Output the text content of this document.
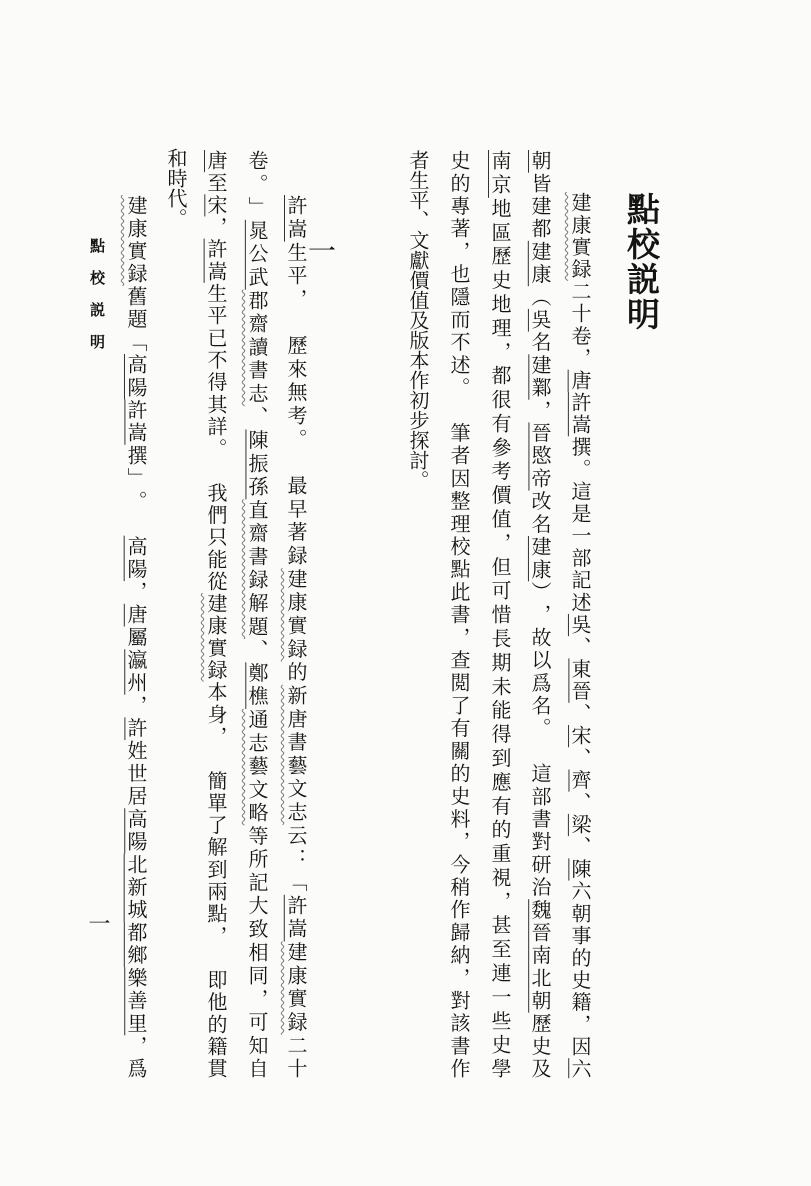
點校説明
建康實録二十卷，唐許嵩撰。這是一部記述吳、東晉、宋、齊、梁、陳六朝事的史籍，因六
朝皆建都建康（吳名建鄴，晉愍帝改名建康），故以爲名。　這部書對研治魏晉南北朝歷史及
南京地區歷史地理，都很有參考價值，但可惜長期未能得到應有的重視，甚至連一些史學
史的專著，也隱而不述。　筆者因整理校點此書，查閲了有關的史料，今稍作歸納，對該書作
者生平、文獻價值及版本作初步探討。
一
許嵩生平，　歷來無考。　最早著録建康實録的新唐書藝文志云：「許嵩建康實録二十
卷。」晁公武郡齋讀書志、陳振孫直齋書録解題、鄭樵通志藝文略等所記大致相同，可知自
唐至宋，許嵩生平已不得其詳。　我們只能從建康實録本身，　簡單了解到兩點，　即他的籍貫
和時代。
建康實録舊題「高陽許嵩撰」。　高陽，唐屬瀛州，許姓世居高陽北新城都鄉樂善里，爲
點校説明
一
